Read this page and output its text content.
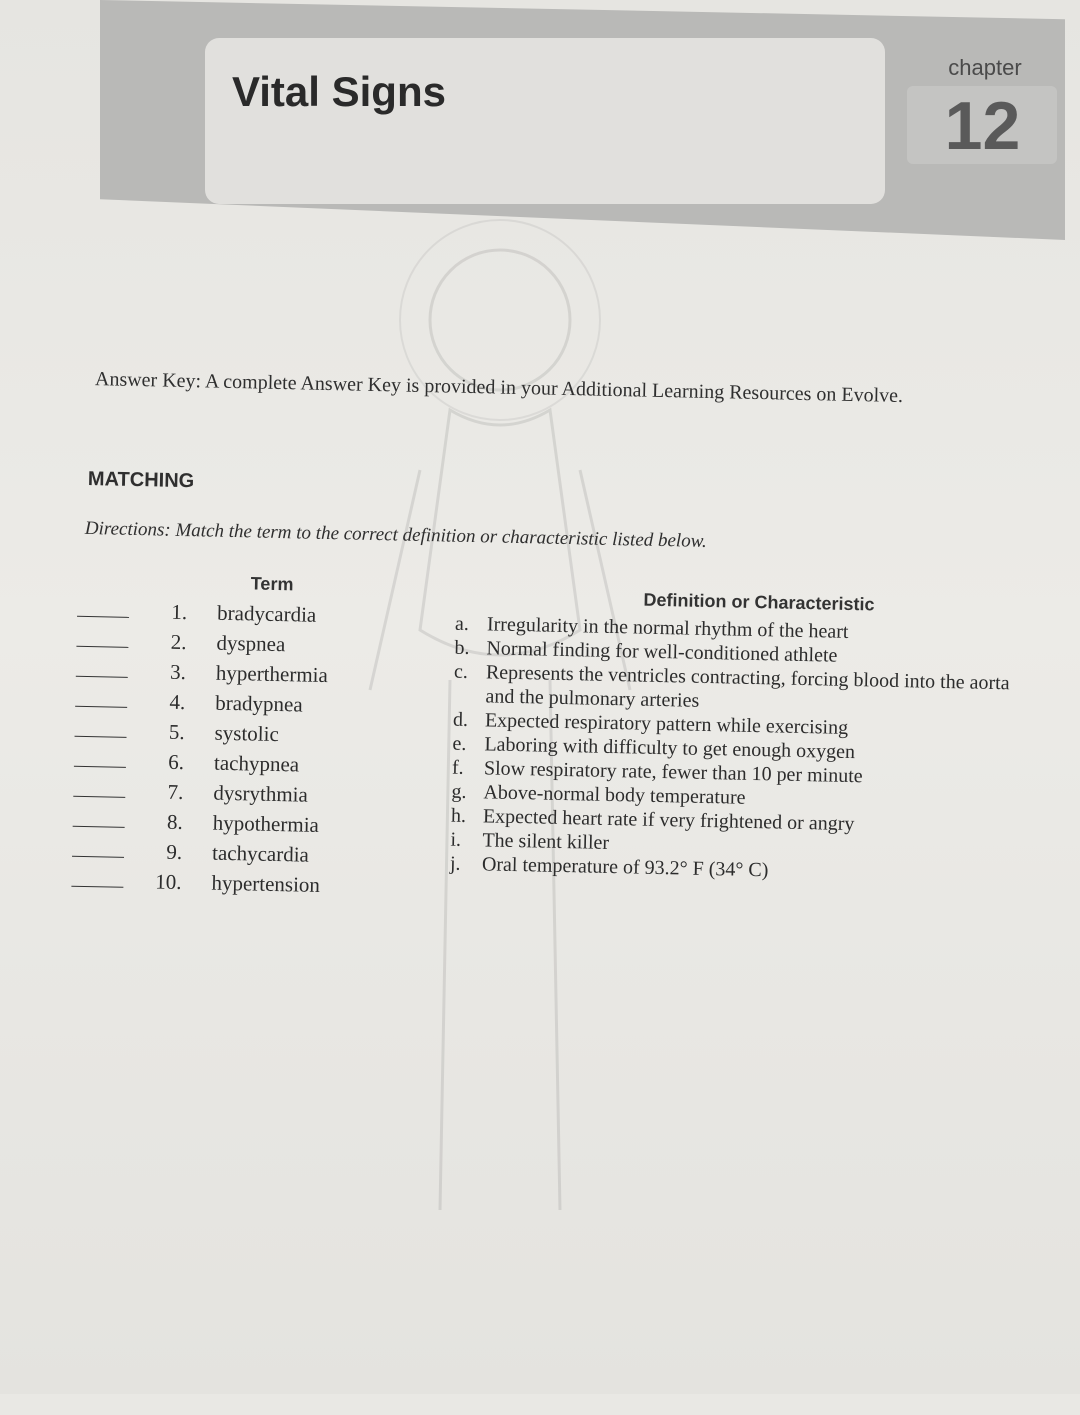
Vital Signs
chapter
12
Answer Key: A complete Answer Key is provided in your Additional Learning Resources on Evolve.
MATCHING
Directions: Match the term to the correct definition or characteristic listed below.
Term
Definition or Characteristic
1. bradycardia
2. dyspnea
3. hyperthermia
4. bradypnea
5. systolic
6. tachypnea
7. dysrythmia
8. hypothermia
9. tachycardia
10. hypertension
a. Irregularity in the normal rhythm of the heart
b. Normal finding for well-conditioned athlete
c. Represents the ventricles contracting, forcing blood into the aorta and the pulmonary arteries
d. Expected respiratory pattern while exercising
e. Laboring with difficulty to get enough oxygen
f. Slow respiratory rate, fewer than 10 per minute
g. Above-normal body temperature
h. Expected heart rate if very frightened or angry
i.	The silent killer
j.	Oral temperature of 93.2° F (34° C)
